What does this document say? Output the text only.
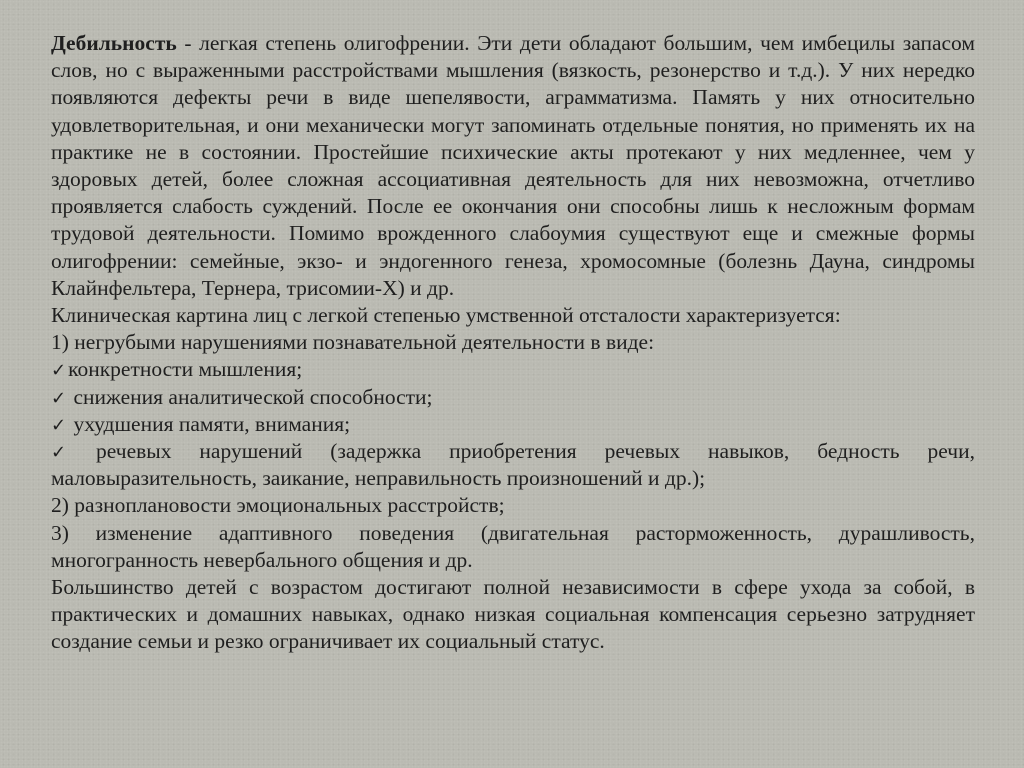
Дебильность - легкая степень олигофрении. Эти дети обладают большим, чем имбецилы запасом слов, но с выраженными расстройствами мышления (вязкость, резонерство и т.д.). У них нередко появляются дефекты речи в виде шепелявости, аграмматизма. Память у них относительно удовлетворительная, и они механически могут запоминать отдельные понятия, но применять их на практике не в состоянии. Простейшие психические акты протекают у них медленнее, чем у здоровых детей, более сложная ассоциативная деятельность для них невозможна, отчетливо проявляется слабость суждений. После ее окончания они способны лишь к несложным формам трудовой деятельности. Помимо врожденного слабоумия существуют еще и смежные формы олигофрении: семейные, экзо- и эндогенного генеза, хромосомные (болезнь Дауна, синдромы Клайнфельтера, Тернера, трисомии-Х) и др.

Клиническая картина лиц с легкой степенью умственной отсталости характеризуется:

1) негрубыми нарушениями познавательной деятельности в виде:

✓конкретности мышления;

✓ снижения аналитической способности;

✓ ухудшения памяти, внимания;

✓ речевых нарушений (задержка приобретения речевых навыков, бедность речи, маловыразительность, заикание, неправильность произношений и др.);

2) разноплановости эмоциональных расстройств;

3) изменение адаптивного поведения (двигательная расторможенность, дурашливость, многогранность невербального общения и др.

Большинство детей с возрастом достигают полной независимости в сфере ухода за собой, в практических и домашних навыках, однако низкая социальная компенсация серьезно затрудняет создание семьи и резко ограничивает их социальный статус.
